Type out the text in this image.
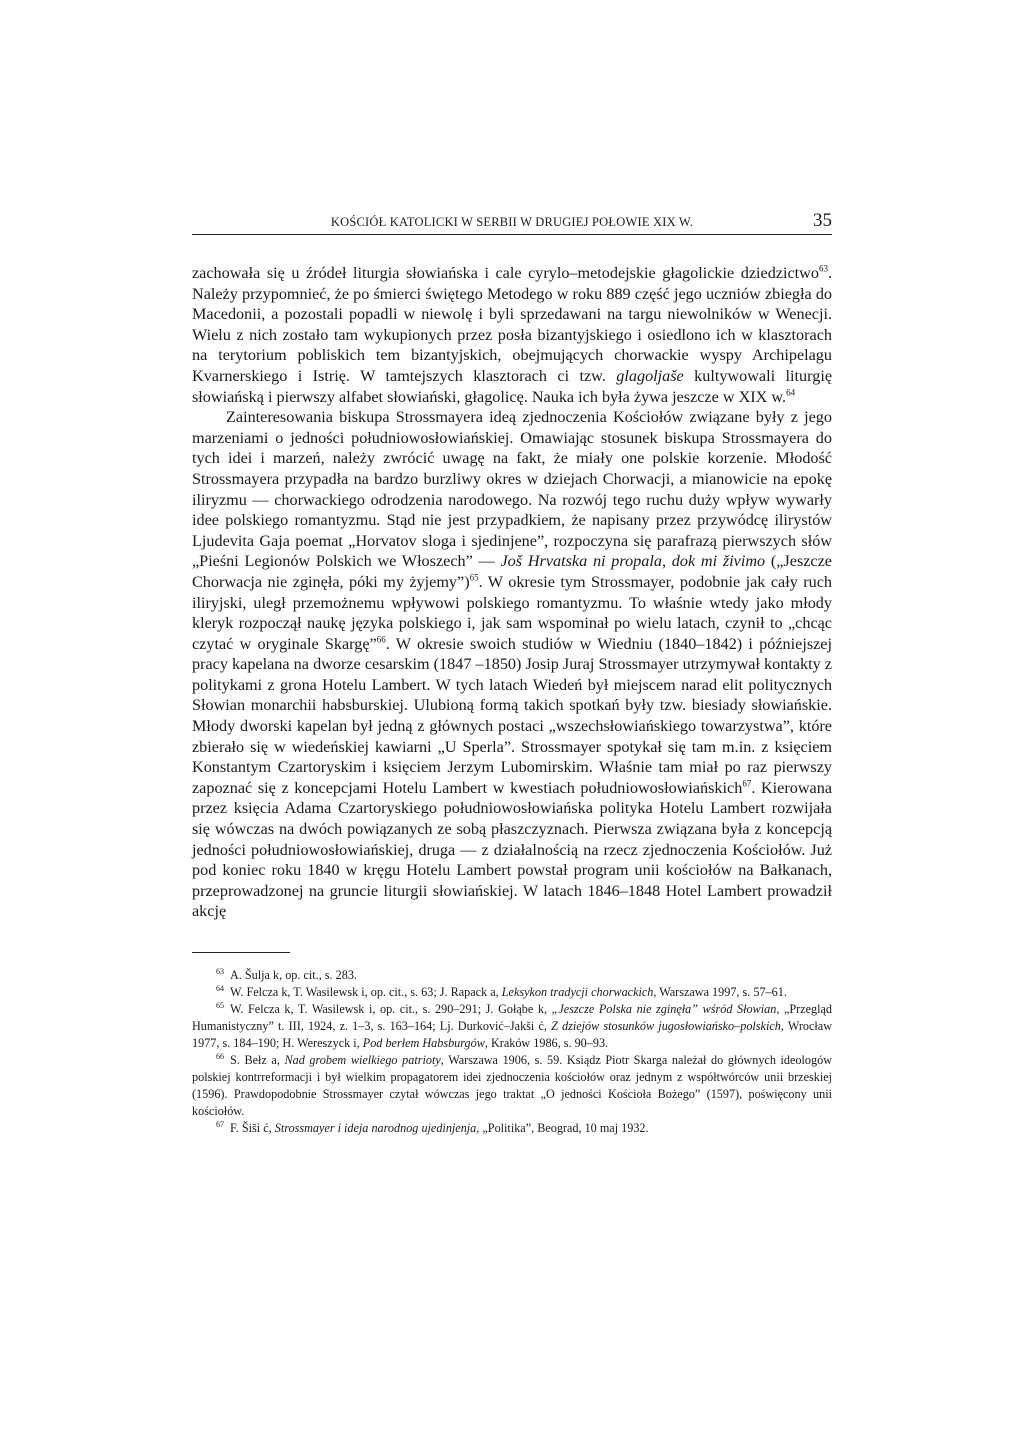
KOŚCIÓŁ KATOLICKI W SERBII W DRUGIEJ POŁOWIE XIX W.	35

zachowała się u źródeł liturgia słowiańska i cale cyrylo–metodejskie głagolickie dziedzictwo$^{63}$. Należy przypomnieć, że po śmierci świętego Metodego w roku 889 część jego uczniów zbiegła do Macedonii, a pozostali popadli w niewolę i byli sprzedawani na targu niewolników w Wenecji. Wielu z nich zostało tam wykupionych przez posła bizantyjskiego i osiedlono ich w klasztorach na terytorium pobliskich tem bizantyjskich, obejmujących chorwackie wyspy Archipelagu Kvarnerskiego i Istrię. W tamtejszych klasztorach ci tzw. glagoljaše kultywowali liturgię słowiańską i pierwszy alfabet słowiański, głagolicę. Nauka ich była żywa jeszcze w XIX w.$^{64}$

Zainteresowania biskupa Strossmayera ideą zjednoczenia Kościołów związane były z jego marzeniami o jedności południowosłowiańskiej. Omawiając stosunek biskupa Strossmayera do tych idei i marzeń, należy zwrócić uwagę na fakt, że miały one polskie korzenie. Młodość Strossmayera przypadła na bardzo burzliwy okres w dziejach Chorwacji, a mianowicie na epokę iliryzmu — chorwackiego odrodzenia narodowego. Na rozwój tego ruchu duży wpływ wywarły idee polskiego romantyzmu. Stąd nie jest przypadkiem, że napisany przez przywódcę ilirystów Ljudevita Gaja poemat „Horvatov sloga i sjedinjene”, rozpoczyna się parafrazą pierwszych słów „Pieśni Legionów Polskich we Włoszech” — Još Hrvatska ni propala, dok mi živimo („Jeszcze Chorwacja nie zginęła, póki my żyjemy”)$^{65}$. W okresie tym Strossmayer, podobnie jak cały ruch iliryjski, uległ przemożnemu wpływowi polskiego romantyzmu. To właśnie wtedy jako młody kleryk rozpoczął naukę języka polskiego i, jak sam wspominał po wielu latach, czynił to „chcąc czytać w oryginale Skargę”$^{66}$. W okresie swoich studiów w Wiedniu (1840–1842) i późniejszej pracy kapelana na dworze cesarskim (1847 –1850) Josip Juraj Strossmayer utrzymywał kontakty z politykami z grona Hotelu Lambert. W tych latach Wiedeń był miejscem narad elit politycznych Słowian monarchii habsburskiej. Ulubioną formą takich spotkań były tzw. biesiady słowiańskie. Młody dworski kapelan był jedną z głównych postaci „wszechsłowiańskiego towarzystwa”, które zbierało się w wiedeńskiej kawiarni „U Sperla”. Strossmayer spotykał się tam m.in. z księciem Konstantym Czartoryskim i księciem Jerzym Lubomirskim. Właśnie tam miał po raz pierwszy zapoznać się z koncepcjami Hotelu Lambert w kwestiach południowosłowiańskich$^{67}$. Kierowana przez księcia Adama Czartoryskiego południowosłowiańska polityka Hotelu Lambert rozwijała się wówczas na dwóch powiązanych ze sobą płaszczyznach. Pierwsza związana była z koncepcją jedności południowosłowiańskiej, druga — z działalnością na rzecz zjednoczenia Kościołów. Już pod koniec roku 1840 w kręgu Hotelu Lambert powstał program unii kościołów na Bałkanach, przeprowadzonej na gruncie liturgii słowiańskiej. W latach 1846–1848 Hotel Lambert prowadził akcję

$^{63}$ A. Šulja k, op. cit., s. 283.

$^{64}$ W. Felcza k, T. Wasilewsk i, op. cit., s. 63; J. Rapack a, Leksykon tradycji chorwackich, Warszawa 1997, s. 57–61.

$^{65}$ W. Felcza k, T. Wasilewsk i, op. cit., s. 290–291; J. Gołąbe k, „Jeszcze Polska nie zginęła” wśród Słowian, „Przegląd Humanistyczny” t. III, 1924, z. 1–3, s. 163–164; Lj. Durković–Jakši ć, Z dziejów stosunków jugosłowiańsko–polskich, Wrocław 1977, s. 184–190; H. Wereszyck i, Pod berłem Habsburgów, Kraków 1986, s. 90–93.

$^{66}$ S. Bełz a, Nad grobem wielkiego patrioty, Warszawa 1906, s. 59. Ksiądz Piotr Skarga należał do głównych ideologów polskiej kontrreformacji i był wielkim propagatorem idei zjednoczenia kościołów oraz jednym z współtwórców unii brzeskiej (1596). Prawdopodobnie Strossmayer czytał wówczas jego traktat „O jedności Kościoła Bożego” (1597), poświęcony unii kościołów.

$^{67}$ F. Šiši ć, Strossmayer i ideja narodnog ujedinjenja, „Politika”, Beograd, 10 maj 1932.
